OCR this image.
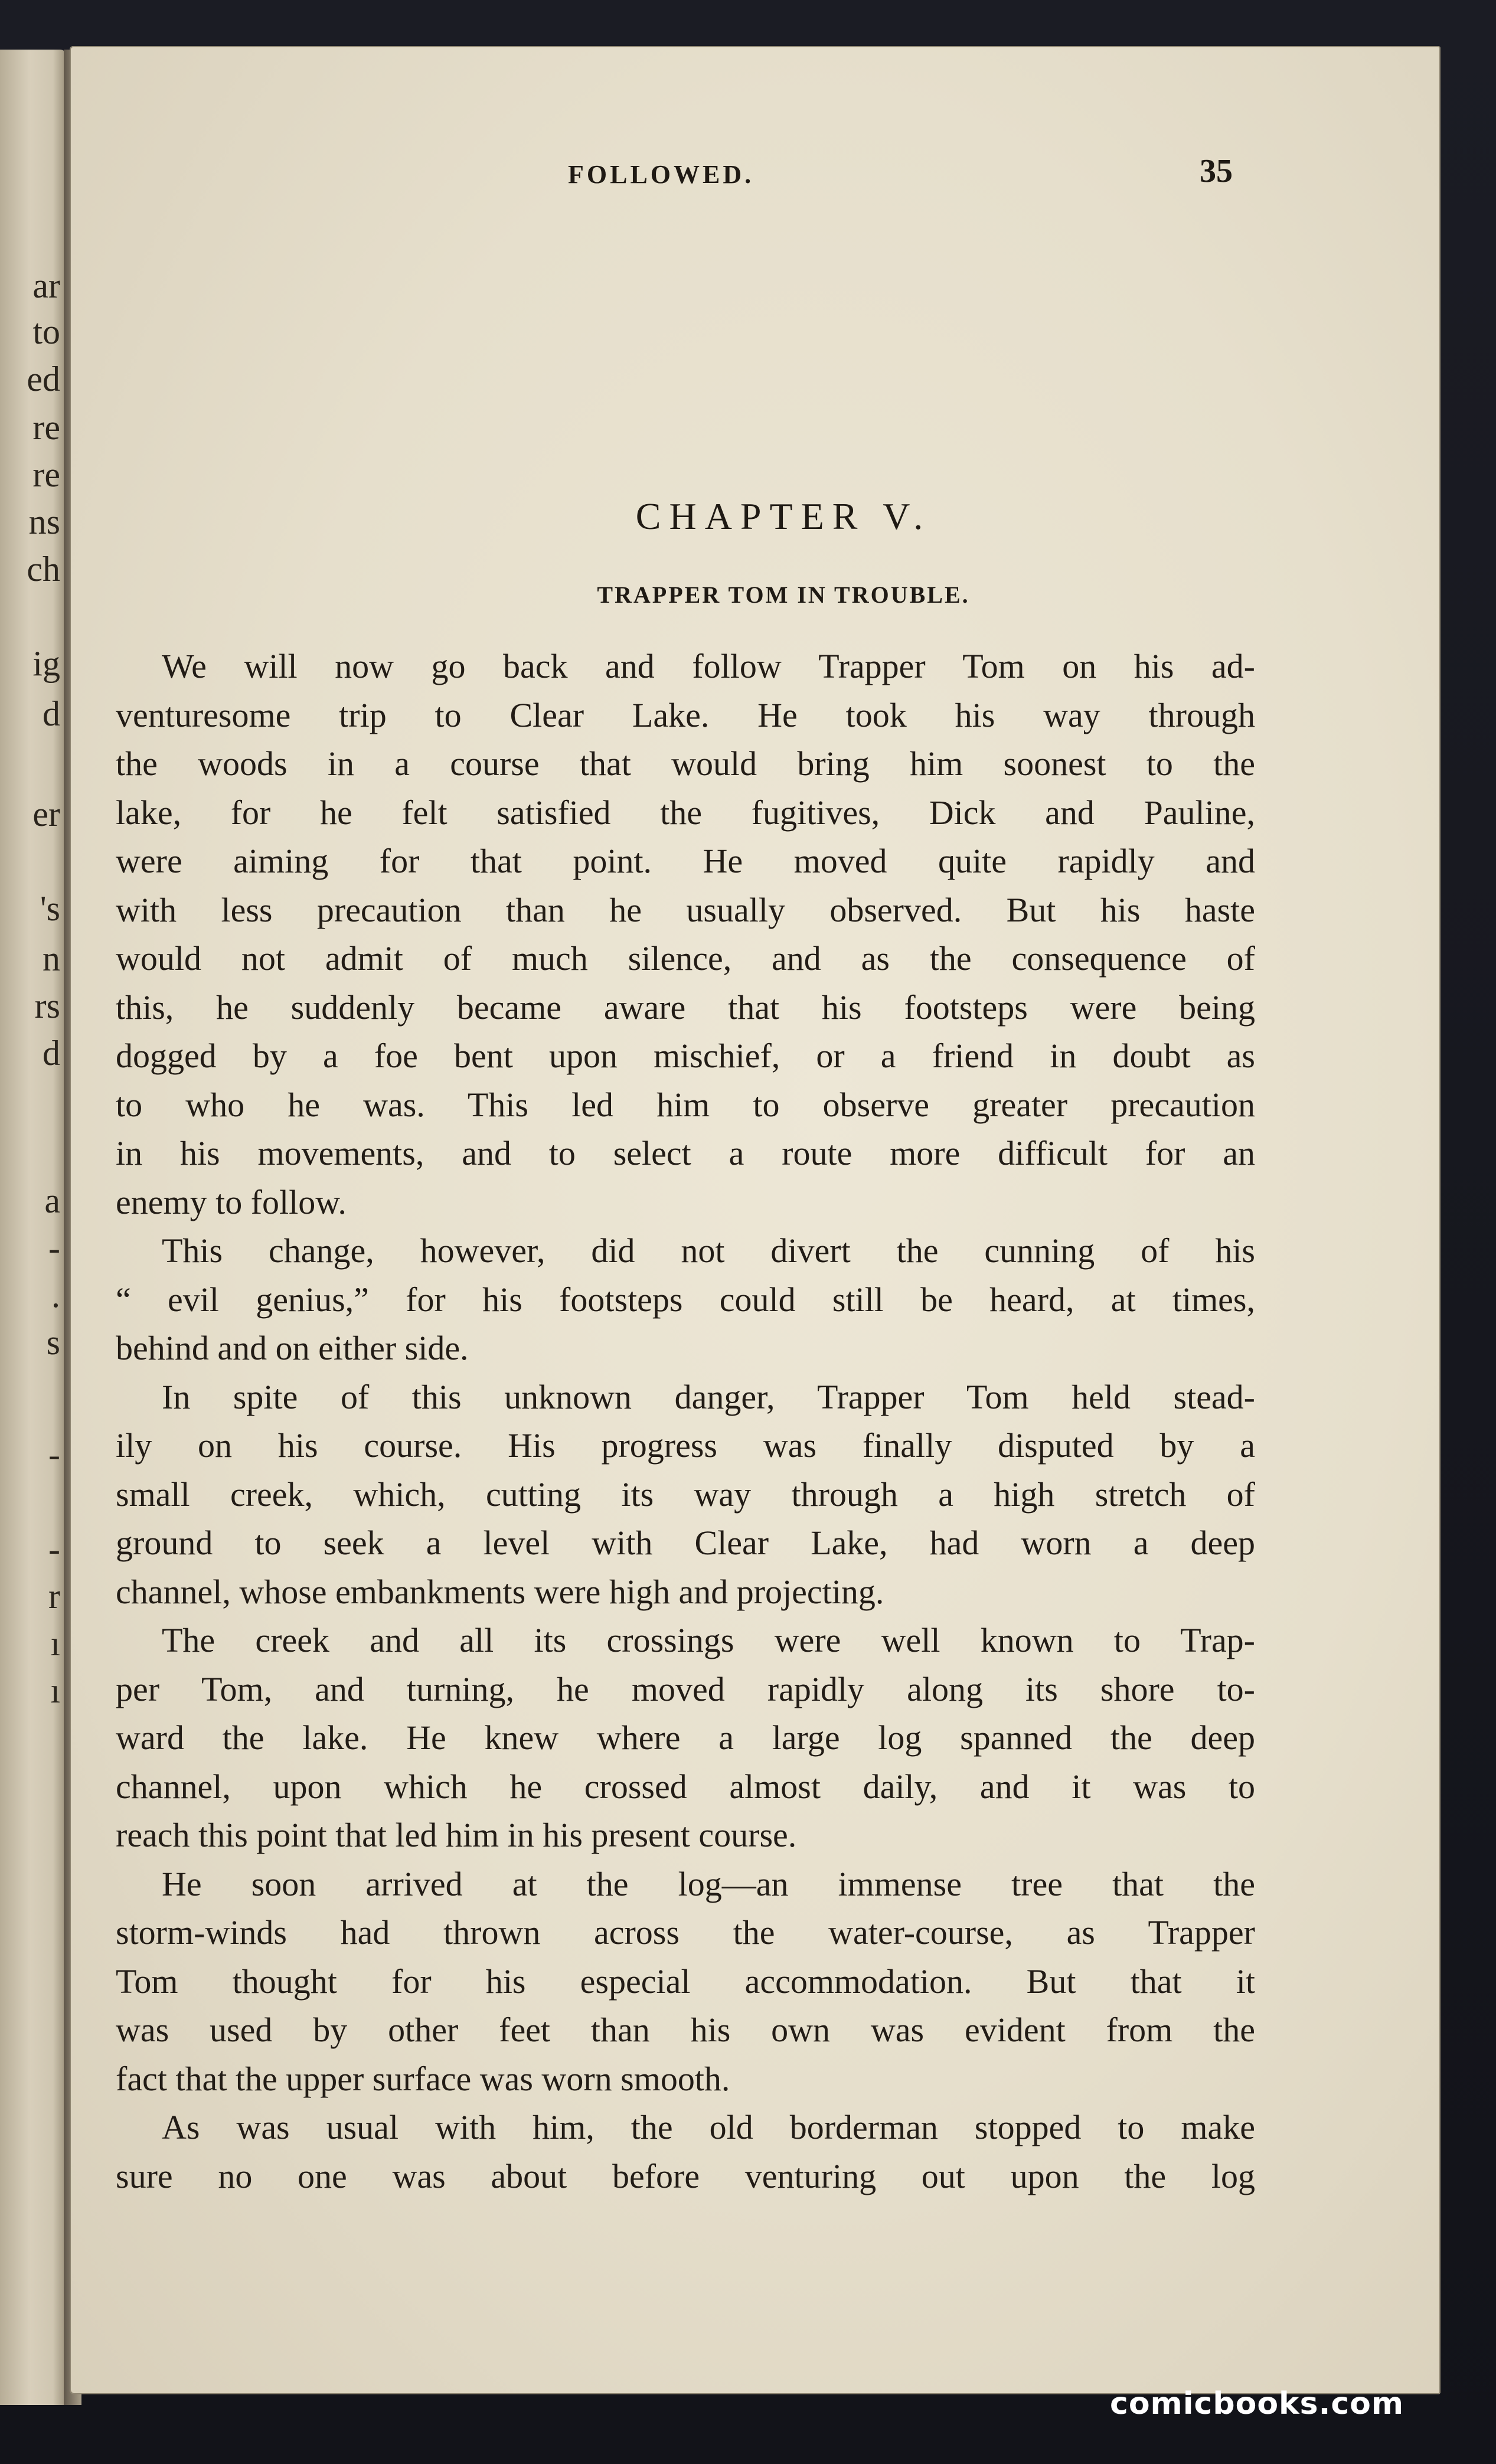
ar
to
ed
re
re
ns
ch
ig
d
er
's
n
rs
d
a
-
.
s
-
-
r
ı
ı
FOLLOWED.	35
CHAPTER V.
TRAPPER TOM IN TROUBLE.
We will now go back and follow Trapper Tom on his ad-
venturesome trip to Clear Lake. He took his way through
the woods in a course that would bring him soonest to the
lake, for he felt satisfied the fugitives, Dick and Pauline,
were aiming for that point. He moved quite rapidly and
with less precaution than he usually observed. But his haste
would not admit of much silence, and as the consequence of
this, he suddenly became aware that his footsteps were being
dogged by a foe bent upon mischief, or a friend in doubt as
to who he was. This led him to observe greater precaution
in his movements, and to select a route more difficult for an
enemy to follow.
This change, however, did not divert the cunning of his
“ evil genius,” for his footsteps could still be heard, at times,
behind and on either side.
In spite of this unknown danger, Trapper Tom held stead-
ily on his course. His progress was finally disputed by a
small creek, which, cutting its way through a high stretch of
ground to seek a level with Clear Lake, had worn a deep
channel, whose embankments were high and projecting.
The creek and all its crossings were well known to Trap-
per Tom, and turning, he moved rapidly along its shore to-
ward the lake. He knew where a large log spanned the deep
channel, upon which he crossed almost daily, and it was to
reach this point that led him in his present course.
He soon arrived at the log—an immense tree that the
storm-winds had thrown across the water-course, as Trapper
Tom thought for his especial accommodation. But that it
was used by other feet than his own was evident from the
fact that the upper surface was worn smooth.
As was usual with him, the old borderman stopped to make
sure no one was about before venturing out upon the log
comicbooks.com
